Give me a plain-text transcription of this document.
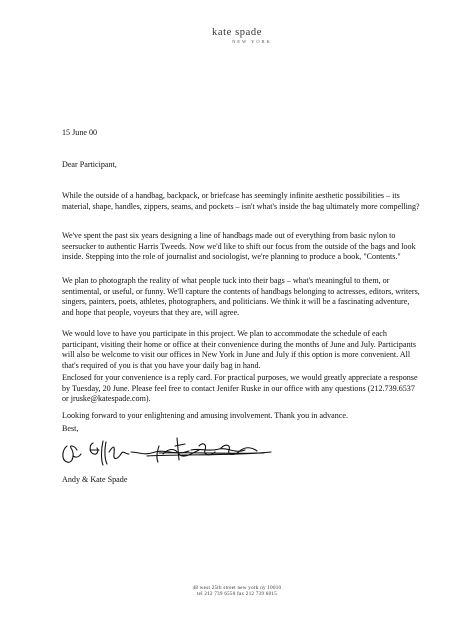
kate spade
NEW YORK
15 June 00
Dear Participant,

While the outside of a handbag, backpack, or briefcase has seemingly infinite aesthetic possibilities – its material, shape, handles, zippers, seams, and pockets – isn't what's inside the bag ultimately more compelling?

We've spent the past six years designing a line of handbags made out of everything from basic nylon to seersucker to authentic Harris Tweeds. Now we'd like to shift our focus from the outside of the bags and look inside. Stepping into the role of journalist and sociologist, we're planning to produce a book, "Contents."

We plan to photograph the reality of what people tuck into their bags – what's meaningful to them, or sentimental, or useful, or funny. We'll capture the contents of handbags belonging to actresses, editors, writers, singers, painters, poets, athletes, photographers, and politicians. We think it will be a fascinating adventure, and hope that people, voyeurs that they are, will agree.

We would love to have you participate in this project. We plan to accommodate the schedule of each participant, visiting their home or office at their convenience during the months of June and July. Participants will also be welcome to visit our offices in New York in June and July if this option is more convenient. All that's required of you is that you have your daily bag in hand.

Enclosed for your convenience is a reply card. For practical purposes, we would greatly appreciate a response by Tuesday, 20 June. Please feel free to contact Jenifer Ruske in our office with any questions (212.739.6537 or jruske@katespade.com).

Looking forward to your enlightening and amusing involvement. Thank you in advance.

Best,
Andy & Kate Spade
48 west 25th street new york ny 10010
tel 212 739 6550 fax 212 739 6015
